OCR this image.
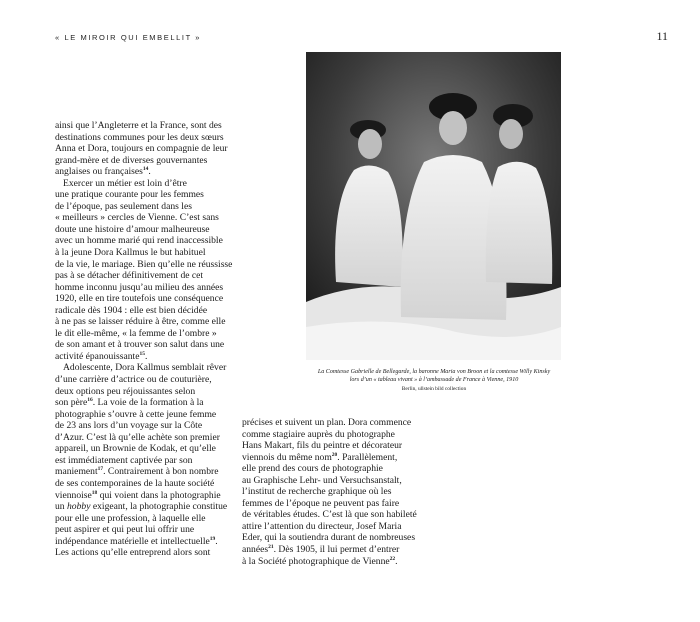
« LE MIROIR QUI EMBELLIT »	11
La Comtesse Gabrielle de Bellegarde, la baronne Maria von Broon et la comtesse Willy Kinsky
lors d’un « tableau vivant » à l’ambassade de France à Vienne, 1910
Berlin, ullstein bild collection

ainsi que l’Angleterre et la France, sont des
destinations communes pour les deux sœurs
Anna et Dora, toujours en compagnie de leur
grand-mère et de diverses gouvernantes
anglaises ou françaises$^{14}$.

Exercer un métier est loin d’être

une pratique courante pour les femmes
de l’époque, pas seulement dans les
« meilleurs » cercles de Vienne. C’est sans
doute une histoire d’amour malheureuse
avec un homme marié qui rend inaccessible
à la jeune Dora Kallmus le but habituel
de la vie, le mariage. Bien qu’elle ne réussisse
pas à se détacher définitivement de cet
homme inconnu jusqu’au milieu des années
1920, elle en tire toutefois une conséquence
radicale dès 1904 : elle est bien décidée
à ne pas se laisser réduire à être, comme elle
le dit elle-même, « la femme de l’ombre »
de son amant et à trouver son salut dans une
activité épanouissante$^{15}$.

Adolescente, Dora Kallmus semblait rêver

d’une carrière d’actrice ou de couturière,
deux options peu réjouissantes selon
son père$^{16}$. La voie de la formation à la
photographie s’ouvre à cette jeune femme
de 23 ans lors d’un voyage sur la Côte
d’Azur. C’est là qu’elle achète son premier
appareil, un Brownie de Kodak, et qu’elle
est immédiatement captivée par son
maniement$^{17}$. Contrairement à bon nombre
de ses contemporaines de la haute société
viennoise$^{18}$ qui voient dans la photographie
un hobby exigeant, la photographie constitue
pour elle une profession, à laquelle elle
peut aspirer et qui peut lui offrir une
indépendance matérielle et intellectuelle$^{19}$.
Les actions qu’elle entreprend alors sont

précises et suivent un plan. Dora commence
comme stagiaire auprès du photographe
Hans Makart, fils du peintre et décorateur
viennois du même nom$^{20}$. Parallèlement,
elle prend des cours de photographie
au Graphische Lehr- und Versuchsanstalt,
l’institut de recherche graphique où les
femmes de l’époque ne peuvent pas faire
de véritables études. C’est là que son habileté
attire l’attention du directeur, Josef Maria
Eder, qui la soutiendra durant de nombreuses
années$^{21}$. Dès 1905, il lui permet d’entrer
à la Société photographique de Vienne$^{22}$.
